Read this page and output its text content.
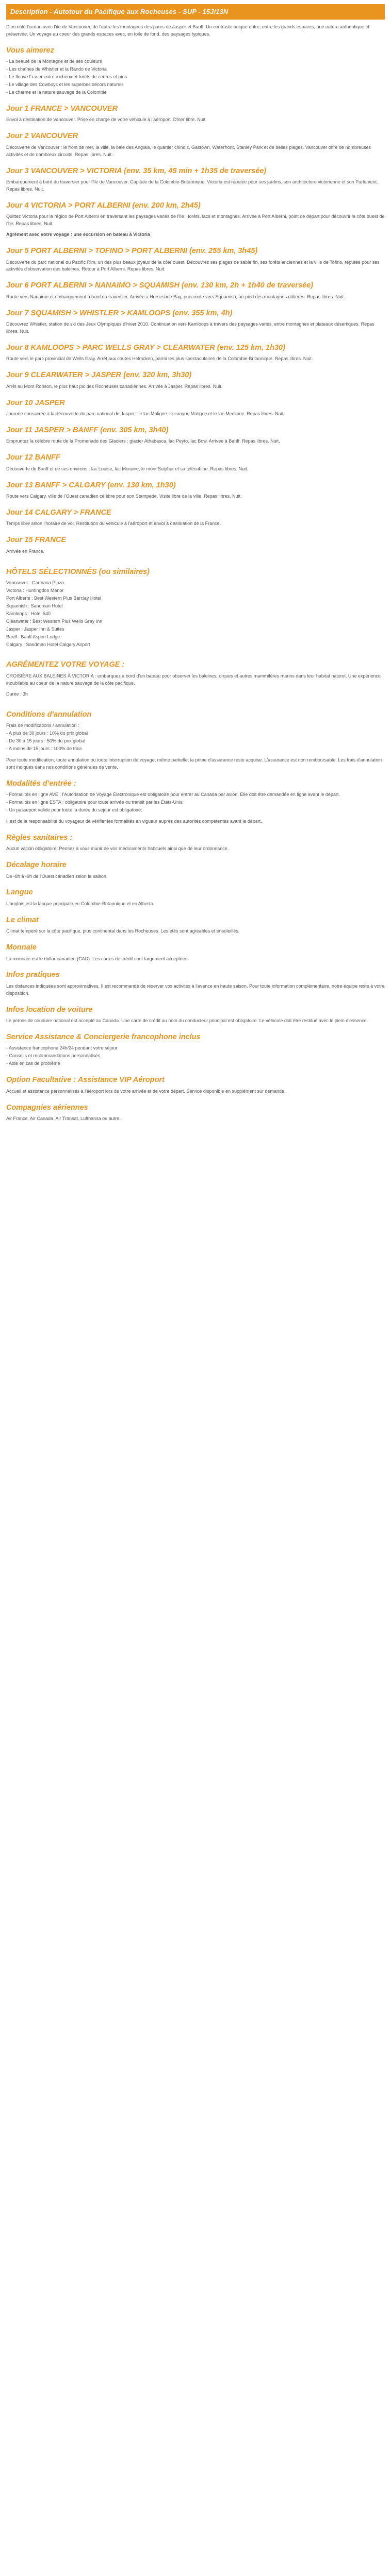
Description - Autotour du Pacifique aux Rocheuses - SUP - 15J/13N

D'un côté l'océan avec l'île de Vancouver, de l'autre les montagnes des parcs de Jasper et Banff. Un contraste unique entre, entre les grands espaces, une nature authentique et préservée. Un voyage au coeur des grands espaces avec, en toile de fond, des paysages typiques.

Vous aimerez
- La beauté de la Montagne et de ses couleurs
- Les chaînes de Whistler et la Rando de Victoria
- Le fleuve Fraser entre rocheux et forêts de cèdres et pins
- Le village des Cowboys et les superbes décors naturels
- Le charme et la nature sauvage de la Colombie
Jour 1 FRANCE > VANCOUVER

Envol à destination de Vancouver. Prise en charge de votre véhicule à l'aéroport. Dîner libre. Nuit.

Jour 2 VANCOUVER

Découverte de Vancouver : le front de mer, la ville, la baie des Anglais, le quartier chinois, Gastown, Waterfront, Stanley Park et de belles plages. Vancouver offre de nombreuses activités et de nombreux circuits. Repas libres. Nuit.

Jour 3 VANCOUVER > VICTORIA (env. 35 km, 45 min + 1h35 de traversée)

Embarquement à bord du traversier pour l'île de Vancouver. Capitale de la Colombie-Britannique, Victoria est réputée pour ses jardins, son architecture victorienne et son Parlement. Repas libres. Nuit.

Jour 4 VICTORIA > PORT ALBERNI (env. 200 km, 2h45)

Quittez Victoria pour la région de Port Alberni en traversant les paysages variés de l'île : forêts, lacs et montagnes. Arrivée à Port Alberni, point de départ pour découvrir la côte ouest de l'île. Repas libres. Nuit.

Agrément avec votre voyage : une excursion en bateau à Victoria

Jour 5 PORT ALBERNI > TOFINO > PORT ALBERNI (env. 255 km, 3h45)

Découverte du parc national du Pacific Rim, un des plus beaux joyaux de la côte ouest. Découvrez ses plages de sable fin, ses forêts anciennes et la ville de Tofino, réputée pour ses activités d'observation des baleines. Retour à Port Alberni. Repas libres. Nuit.

Jour 6 PORT ALBERNI > NANAIMO > SQUAMISH (env. 130 km, 2h + 1h40 de traversée)

Route vers Nanaimo et embarquement à bord du traversier. Arrivée à Horseshoe Bay, puis route vers Squamish, au pied des montagnes côtières. Repas libres. Nuit.

Jour 7 SQUAMISH > WHISTLER > KAMLOOPS (env. 355 km, 4h)

Découvrez Whistler, station de ski des Jeux Olympiques d'hiver 2010. Continuation vers Kamloops à travers des paysages variés, entre montagnes et plateaux désertiques. Repas libres. Nuit.

Jour 8 KAMLOOPS > PARC WELLS GRAY > CLEARWATER (env. 125 km, 1h30)

Route vers le parc provincial de Wells Gray. Arrêt aux chutes Helmcken, parmi les plus spectaculaires de la Colombie-Britannique. Repas libres. Nuit.

Jour 9 CLEARWATER > JASPER (env. 320 km, 3h30)

Arrêt au Mont Robson, le plus haut pic des Rocheuses canadiennes. Arrivée à Jasper. Repas libres. Nuit.

Jour 10 JASPER

Journée consacrée à la découverte du parc national de Jasper : le lac Maligne, le canyon Maligne et le lac Medicine. Repas libres. Nuit.

Jour 11 JASPER > BANFF (env. 305 km, 3h40)

Empruntez la célèbre route de la Promenade des Glaciers : glacier Athabasca, lac Peyto, lac Bow. Arrivée à Banff. Repas libres. Nuit.

Jour 12 BANFF

Découverte de Banff et de ses environs : lac Louise, lac Moraine, le mont Sulphur et sa télécabine. Repas libres. Nuit.

Jour 13 BANFF > CALGARY (env. 130 km, 1h30)

Route vers Calgary, ville de l'Ouest canadien célèbre pour son Stampede. Visite libre de la ville. Repas libres. Nuit.

Jour 14 CALGARY > FRANCE

Temps libre selon l'horaire de vol. Restitution du véhicule à l'aéroport et envol à destination de la France.

Jour 15 FRANCE

Arrivée en France.

HÔTELS SÉLECTIONNÉS (ou similaires)
Vancouver : Carmana Plaza
Victoria : Huntingdon Manor
Port Alberni : Best Western Plus Barclay Hotel
Squamish : Sandman Hotel
Kamloops : Hotel 540
Clearwater : Best Western Plus Wells Gray Inn
Jasper : Jasper Inn & Suites
Banff : Banff Aspen Lodge
Calgary : Sandman Hotel Calgary Airport
AGRÉMENTEZ VOTRE VOYAGE :

CROISIÈRE AUX BALEINES À VICTORIA : embarquez à bord d'un bateau pour observer les baleines, orques et autres mammifères marins dans leur habitat naturel. Une expérience inoubliable au coeur de la nature sauvage de la côte pacifique.

Durée : 3h

Conditions d'annulation
Frais de modifications / annulation :
- A plus de 30 jours : 10% du prix global
- De 30 à 15 jours : 50% du prix global
- A moins de 15 jours : 100% de frais

Pour toute modification, toute annulation ou toute interruption de voyage, même partielle, la prime d'assurance reste acquise. L'assurance est non remboursable. Les frais d'annulation sont indiqués dans nos conditions générales de vente.

Modalités d'entrée :
- Formalités en ligne AVE : l'Autorisation de Voyage Électronique est obligatoire pour entrer au Canada par avion. Elle doit être demandée en ligne avant le départ.
- Formalités en ligne ESTA : obligatoire pour toute arrivée ou transit par les États-Unis.
- Un passeport valide pour toute la durée du séjour est obligatoire.

Il est de la responsabilité du voyageur de vérifier les formalités en vigueur auprès des autorités compétentes avant le départ.

Règles sanitaires :

Aucun vaccin obligatoire. Pensez à vous munir de vos médicaments habituels ainsi que de leur ordonnance.

Décalage horaire

De -8h à -9h de l'Ouest canadien selon la saison.

Langue

L'anglais est la langue principale en Colombie-Britannique et en Alberta.

Le climat

Climat tempéré sur la côte pacifique, plus continental dans les Rocheuses. Les étés sont agréables et ensoleillés.

Monnaie

La monnaie est le dollar canadien (CAD). Les cartes de crédit sont largement acceptées.

Infos pratiques

Les distances indiquées sont approximatives. Il est recommandé de réserver vos activités à l'avance en haute saison. Pour toute information complémentaire, notre équipe reste à votre disposition.

Infos location de voiture

Le permis de conduire national est accepté au Canada. Une carte de crédit au nom du conducteur principal est obligatoire. Le véhicule doit être restitué avec le plein d'essence.

Service Assistance & Conciergerie francophone inclus
- Assistance francophone 24h/24 pendant votre séjour
- Conseils et recommandations personnalisés
- Aide en cas de problème
Option Facultative : Assistance VIP Aéroport

Accueil et assistance personnalisés à l'aéroport lors de votre arrivée et de votre départ. Service disponible en supplément sur demande.

Compagnies aériennes

Air France, Air Canada, Air Transat, Lufthansa ou autre.
